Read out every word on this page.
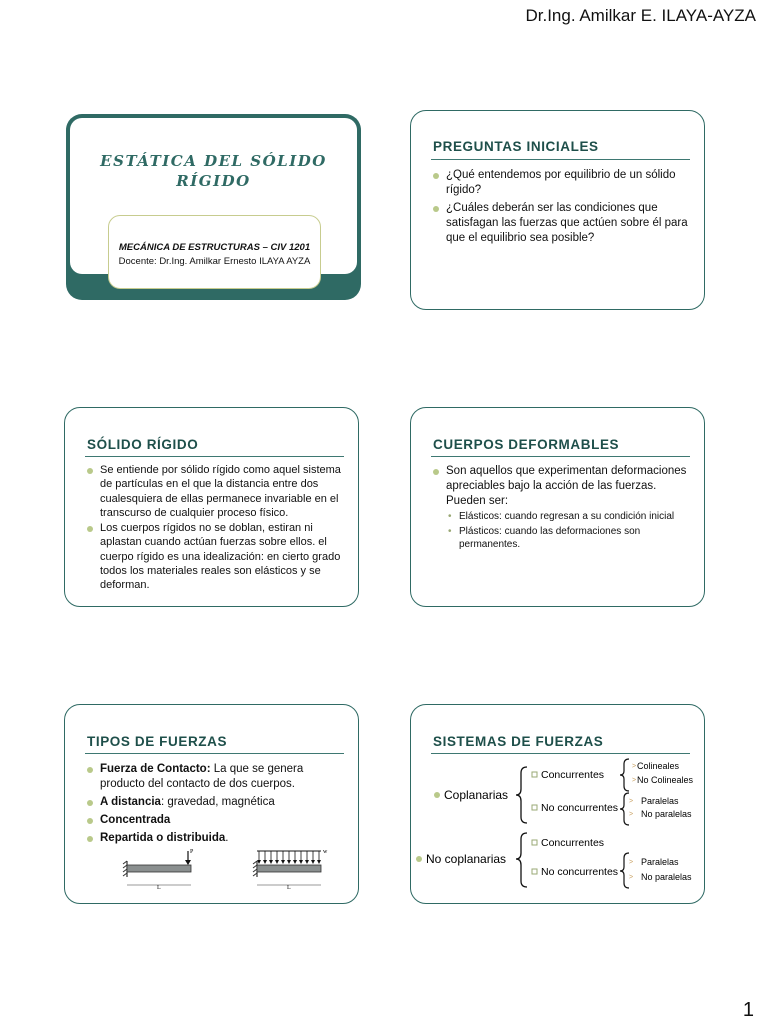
Dr.Ing. Amilkar E. ILAYA-AYZA
ESTÁTICA DEL SÓLIDO
RÍGIDO
MECÁNICA DE ESTRUCTURAS – CIV 1201
Docente: Dr.Ing. Amilkar Ernesto ILAYA AYZA
PREGUNTAS INICIALES
¿Qué entendemos por equilibrio de un sólido rígido?
¿Cuáles deberán ser las condiciones que satisfagan las fuerzas que actúen sobre él para que el equilibrio sea posible?
SÓLIDO RÍGIDO
Se entiende por sólido rígido como aquel sistema de partículas en el que la distancia entre dos cualesquiera de ellas permanece invariable en el transcurso de cualquier proceso físico.
Los cuerpos rígidos no se doblan, estiran ni aplastan cuando actúan fuerzas sobre ellos. el cuerpo rígido es una idealización: en cierto grado todos los materiales reales son elásticos y se deforman.
CUERPOS DEFORMABLES
Son aquellos que experimentan deformaciones apreciables bajo la acción de las fuerzas. Pueden ser:
• Elásticos: cuando regresan a su condición inicial
• Plásticos: cuando las deformaciones son permanentes.
TIPOS DE FUERZAS
Fuerza de Contacto: La que se genera producto del contacto de dos cuerpos.
A distancia: gravedad, magnética
Concentrada
Repartida o distribuida.
P
L
w
L
SISTEMAS DE FUERZAS
Coplanarias
Concurrentes
No concurrentes
> Colineales
> No Colineales
> Paralelas
> No paralelas
No coplanarias
Concurrentes
No concurrentes
> Paralelas
> No paralelas
1
